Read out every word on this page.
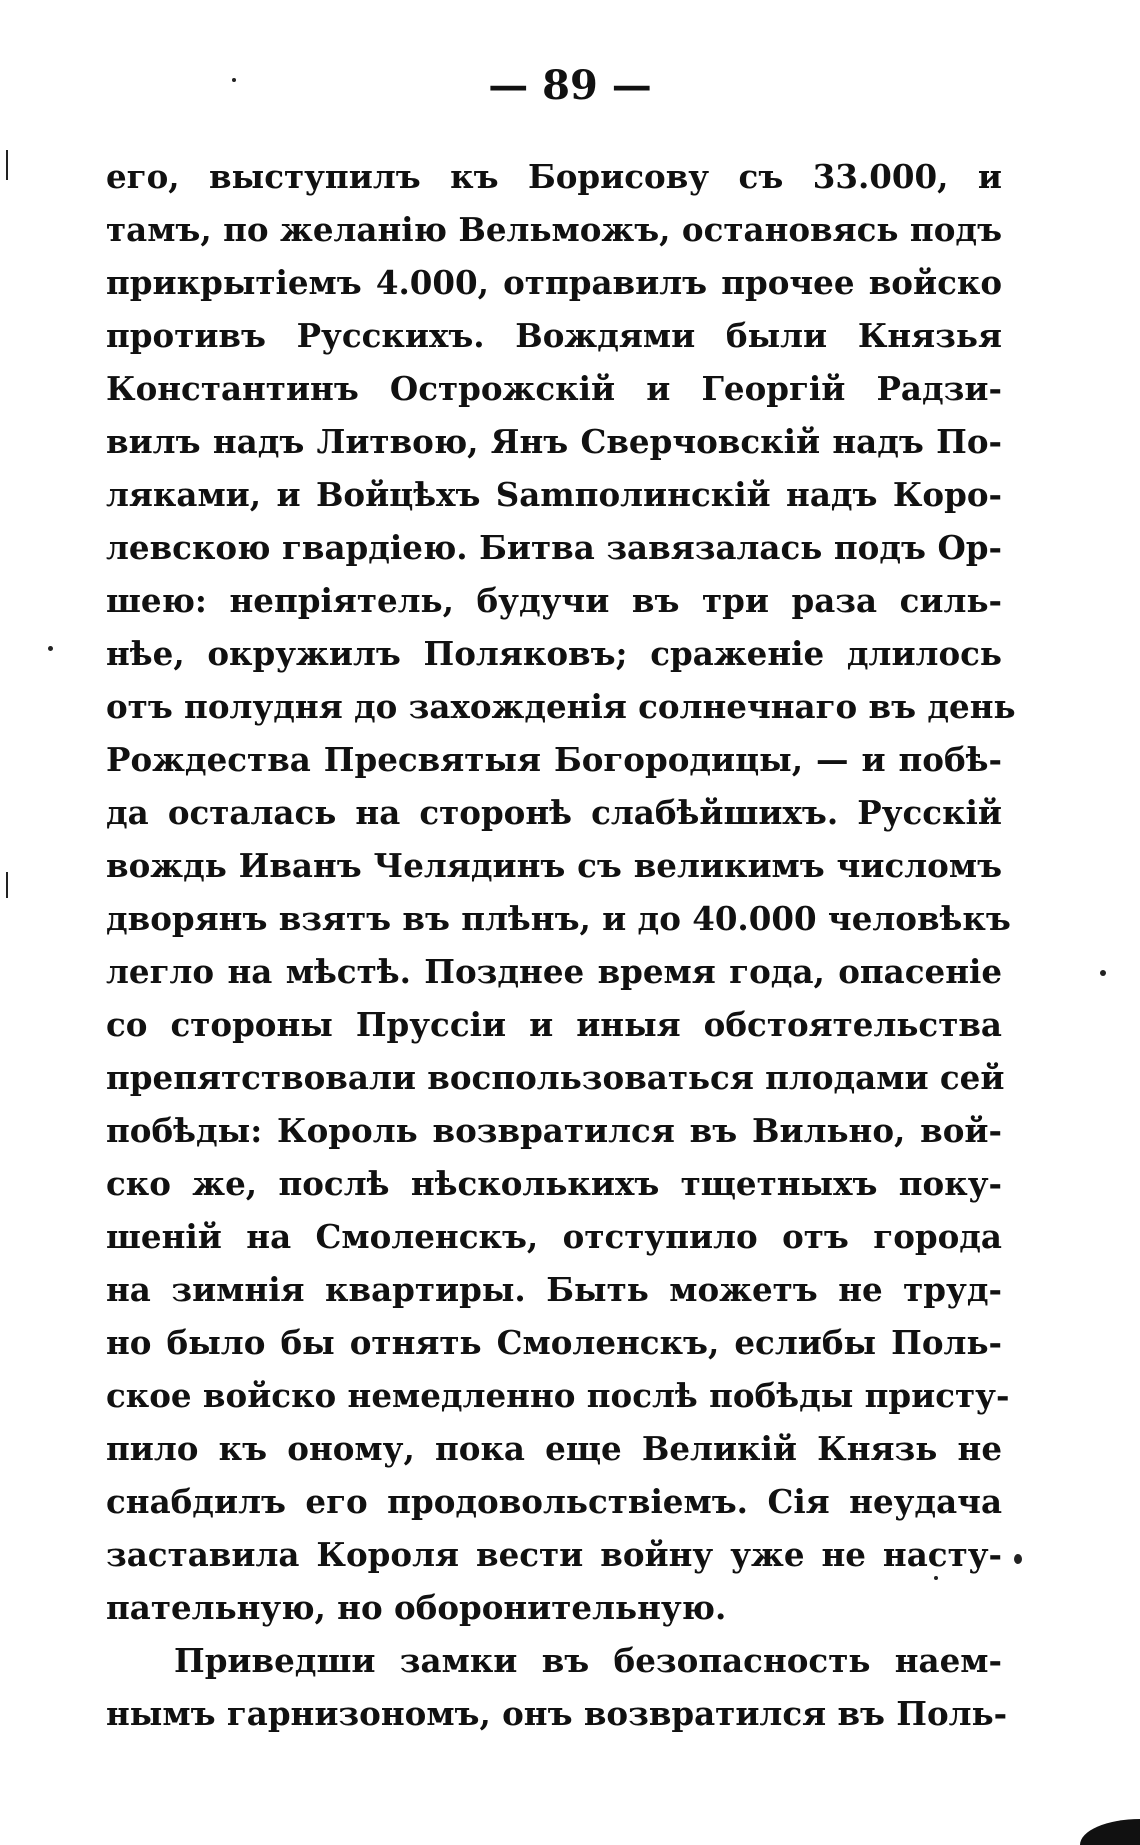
— 89 —
его, выступилъ къ Борисову съ 33.000, и
тамъ, по желанію Вельможъ, остановясь подъ
прикрытіемъ 4.000, отправилъ прочее войско
противъ Русскихъ. Вождями были Князья
Константинъ Острожскій и Георгій Радзи-
вилъ надъ Литвою, Янъ Сверчовскій надъ По-
ляками, и Войцѣхъ Samполинскій надъ Коро-
левскою гвардіею. Битва завязалась подъ Ор-
шею: непріятель, будучи въ три раза силь-
нѣе, окружилъ Поляковъ; сраженіе длилось
отъ полудня до захожденія солнечнаго въ день
Рождества Пресвятыя Богородицы, — и побѣ-
да осталась на сторонѣ слабѣйшихъ. Русскій
вождь Иванъ Челядинъ съ великимъ числомъ
дворянъ взятъ въ плѣнъ, и до 40.000 человѣкъ
легло на мѣстѣ. Позднее время года, опасеніе
со стороны Пруссіи и иныя обстоятельства
препятствовали воспользоваться плодами сей
побѣды: Король возвратился въ Вильно, вой-
ско же, послѣ нѣсколькихъ тщетныхъ поку-
шеній на Смоленскъ, отступило отъ города
на зимнія квартиры. Быть можетъ не труд-
но было бы отнять Смоленскъ, еслибы Поль-
ское войско немедленно послѣ побѣды присту-
пило къ оному, пока еще Великій Князь не
снабдилъ его продовольствіемъ. Сія неудача
заставила Короля вести войну уже не насту-
пательную, но оборонительную.
Приведши замки въ безопасность наем-
нымъ гарнизономъ, онъ возвратился въ Поль-
